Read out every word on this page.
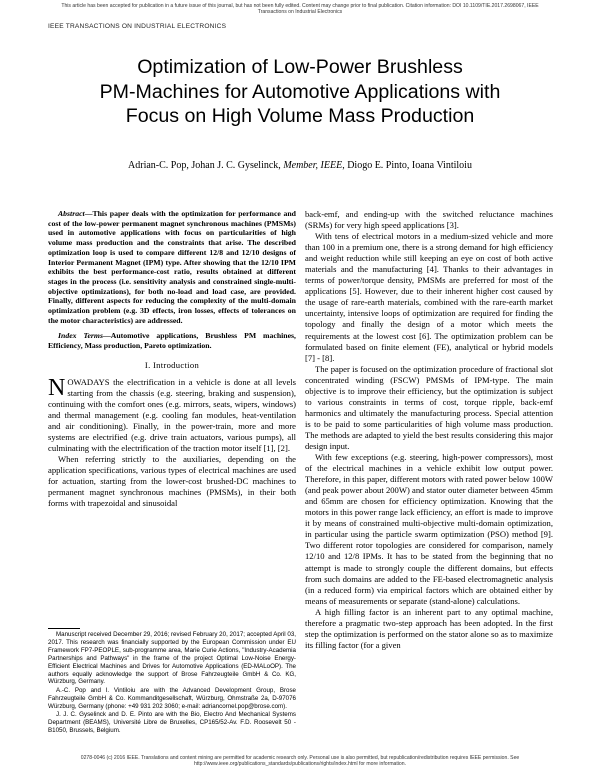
This article has been accepted for publication in a future issue of this journal, but has not been fully edited. Content may change prior to final publication. Citation information: DOI 10.1109/TIE.2017.2698067, IEEE
Transactions on Industrial Electronics
IEEE TRANSACTIONS ON INDUSTRIAL ELECTRONICS
Optimization of Low-Power Brushless
PM-Machines for Automotive Applications with
Focus on High Volume Mass Production
Adrian-C. Pop, Johan J. C. Gyselinck, Member, IEEE, Diogo E. Pinto, Ioana Vintiloiu
Abstract—This paper deals with the optimization for performance and cost of the low-power permanent magnet synchronous machines (PMSMs) used in automotive applications with focus on particularities of high volume mass production and the constraints that arise. The described optimization loop is used to compare different 12/8 and 12/10 designs of Interior Permanent Magnet (IPM) type. After showing that the 12/10 IPM exhibits the best performance-cost ratio, results obtained at different stages in the process (i.e. sensitivity analysis and constrained single-multi-objective optimizations), for both no-load and load case, are provided. Finally, different aspects for reducing the complexity of the multi-domain optimization problem (e.g. 3D effects, iron losses, effects of tolerances on the motor characteristics) are addressed.
Index Terms—Automotive applications, Brushless PM machines, Efficiency, Mass production, Pareto optimization.
I. Introduction

NOWADAYS the electrification in a vehicle is done at all levels starting from the chassis (e.g. steering, braking and suspension), continuing with the comfort ones (e.g. mirrors, seats, wipers, windows) and thermal management (e.g. cooling fan modules, heat-ventilation and air conditioning). Finally, in the power-train, more and more systems are electrified (e.g. drive train actuators, various pumps), all culminating with the electrification of the traction motor itself [1], [2].

When referring strictly to the auxiliaries, depending on the application specifications, various types of electrical machines are used for actuation, starting from the lower-cost brushed-DC machines to permanent magnet synchronous machines (PMSMs), in their both forms with trapezoidal and sinusoidal

Manuscript received December 29, 2016; revised February 20, 2017; accepted April 03, 2017. This research was financially supported by the European Commission under EU Framework FP7-PEOPLE, sub-programme area, Marie Curie Actions, "Industry-Academia Partnerships and Pathways" in the frame of the project Optimal Low-Noise Energy-Efficient Electrical Machines and Drives for Automotive Applications (ED-MALoOP). The authors equally acknowledge the support of Brose Fahrzeugteile GmbH & Co. KG, Würzburg, Germany.

A.-C. Pop and I. Vintiloiu are with the Advanced Development Group, Brose Fahrzeugteile GmbH & Co. Kommanditgesellschaft, Würzburg, Ohmstraße 2a, D-97076 Würzburg, Germany (phone: +49 931 202 3060; e-mail: adriancornel.pop@brose.com).

J. J. C. Gyselinck and D. E. Pinto are with the Bio, Electro And Mechanical Systems Department (BEAMS), Université Libre de Bruxelles, CP165/52-Av. F.D. Roosevelt 50 - B1050, Brussels, Belgium.

back-emf, and ending-up with the switched reluctance machines (SRMs) for very high speed applications [3].

With tens of electrical motors in a medium-sized vehicle and more than 100 in a premium one, there is a strong demand for high efficiency and weight reduction while still keeping an eye on cost of both active materials and the manufacturing [4]. Thanks to their advantages in terms of power/torque density, PMSMs are preferred for most of the applications [5]. However, due to their inherent higher cost caused by the usage of rare-earth materials, combined with the rare-earth market uncertainty, intensive loops of optimization are required for finding the topology and finally the design of a motor which meets the requirements at the lowest cost [6]. The optimization problem can be formulated based on finite element (FE), analytical or hybrid models [7] - [8].

The paper is focused on the optimization procedure of fractional slot concentrated winding (FSCW) PMSMs of IPM-type. The main objective is to improve their efficiency, but the optimization is subject to various constraints in terms of cost, torque ripple, back-emf harmonics and ultimately the manufacturing process. Special attention is to be paid to some particularities of high volume mass production. The methods are adapted to yield the best results considering this major design input.

With few exceptions (e.g. steering, high-power compressors), most of the electrical machines in a vehicle exhibit low output power. Therefore, in this paper, different motors with rated power below 100W (and peak power about 200W) and stator outer diameter between 45mm and 65mm are chosen for efficiency optimization. Knowing that the motors in this power range lack efficiency, an effort is made to improve it by means of constrained multi-objective multi-domain optimization, in particular using the particle swarm optimization (PSO) method [9]. Two different rotor topologies are considered for comparison, namely 12/10 and 12/8 IPMs. It has to be stated from the beginning that no attempt is made to strongly couple the different domains, but effects from such domains are added to the FE-based electromagnetic analysis (in a reduced form) via empirical factors which are obtained either by means of measurements or separate (stand-alone) calculations.

A high filling factor is an inherent part to any optimal machine, therefore a pragmatic two-step approach has been adopted. In the first step the optimization is performed on the stator alone so as to maximize its filling factor (for a given

0278-0046 (c) 2016 IEEE. Translations and content mining are permitted for academic research only. Personal use is also permitted, but republication/redistribution requires IEEE permission. See
http://www.ieee.org/publications_standards/publications/rights/index.html for more information.
